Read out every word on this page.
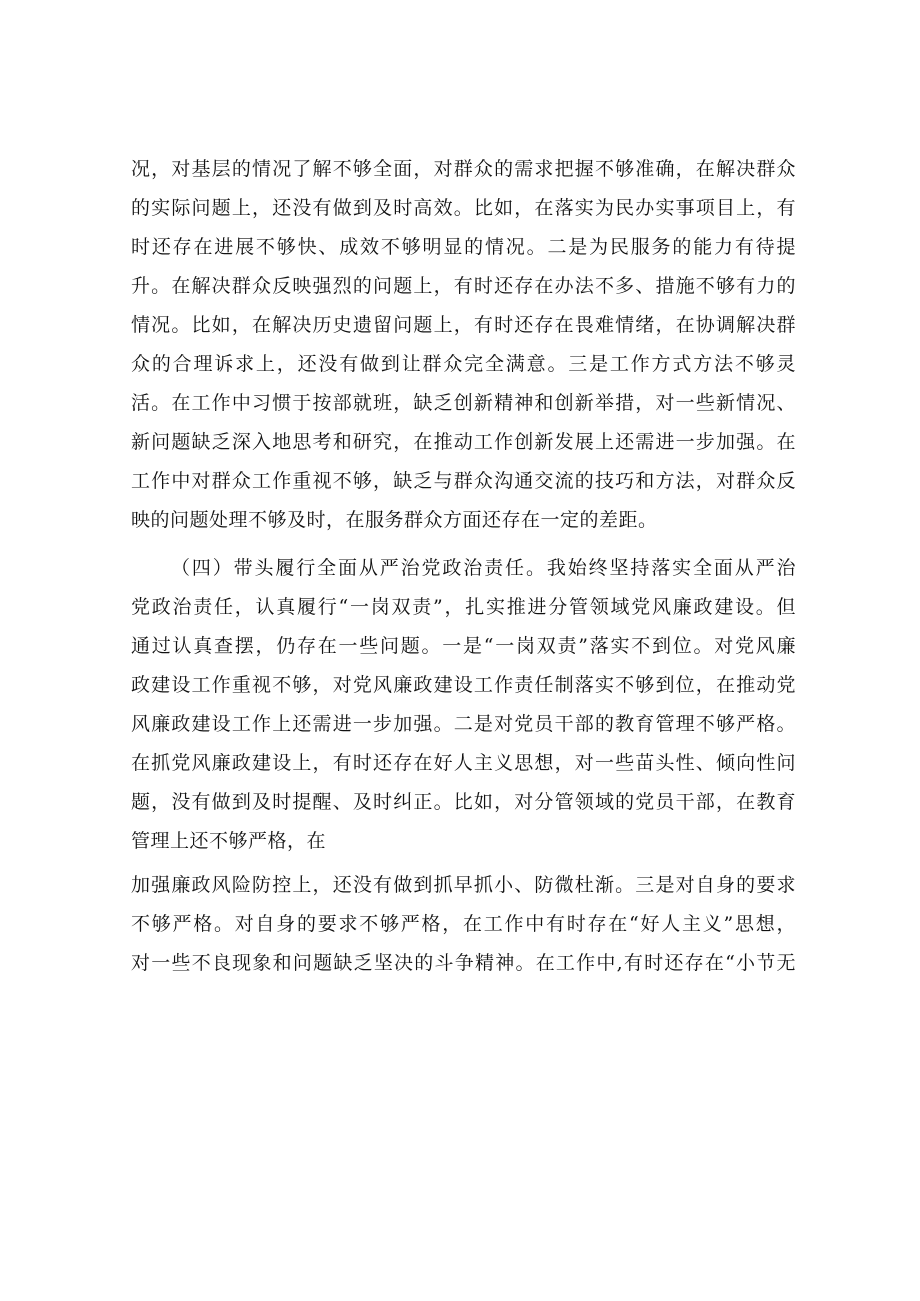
况，对基层的情况了解不够全面，对群众的需求把握不够准确，在解决群众
的实际问题上，还没有做到及时高效。比如，在落实为民办实事项目上，有
时还存在进展不够快、成效不够明显的情况。二是为民服务的能力有待提
升。在解决群众反映强烈的问题上，有时还存在办法不多、措施不够有力的
情况。比如，在解决历史遗留问题上，有时还存在畏难情绪，在协调解决群
众的合理诉求上，还没有做到让群众完全满意。三是工作方式方法不够灵
活。在工作中习惯于按部就班，缺乏创新精神和创新举措，对一些新情况、
新问题缺乏深入地思考和研究，在推动工作创新发展上还需进一步加强。在
工作中对群众工作重视不够，缺乏与群众沟通交流的技巧和方法，对群众反
映的问题处理不够及时，在服务群众方面还存在一定的差距。
（四）带头履行全面从严治党政治责任。我始终坚持落实全面从严治
党政治责任，认真履行“一岗双责”，扎实推进分管领域党风廉政建设。但
通过认真查摆，仍存在一些问题。一是“一岗双责”落实不到位。对党风廉
政建设工作重视不够，对党风廉政建设工作责任制落实不够到位，在推动党
风廉政建设工作上还需进一步加强。二是对党员干部的教育管理不够严格。
在抓党风廉政建设上，有时还存在好人主义思想，对一些苗头性、倾向性问
题，没有做到及时提醒、及时纠正。比如，对分管领域的党员干部，在教育
管理上还不够严格，在
加强廉政风险防控上，还没有做到抓早抓小、防微杜渐。三是对自身的要求
不够严格。对自身的要求不够严格，在工作中有时存在“好人主义”思想，
对一些不良现象和问题缺乏坚决的斗争精神。在工作中,有时还存在“小节无
